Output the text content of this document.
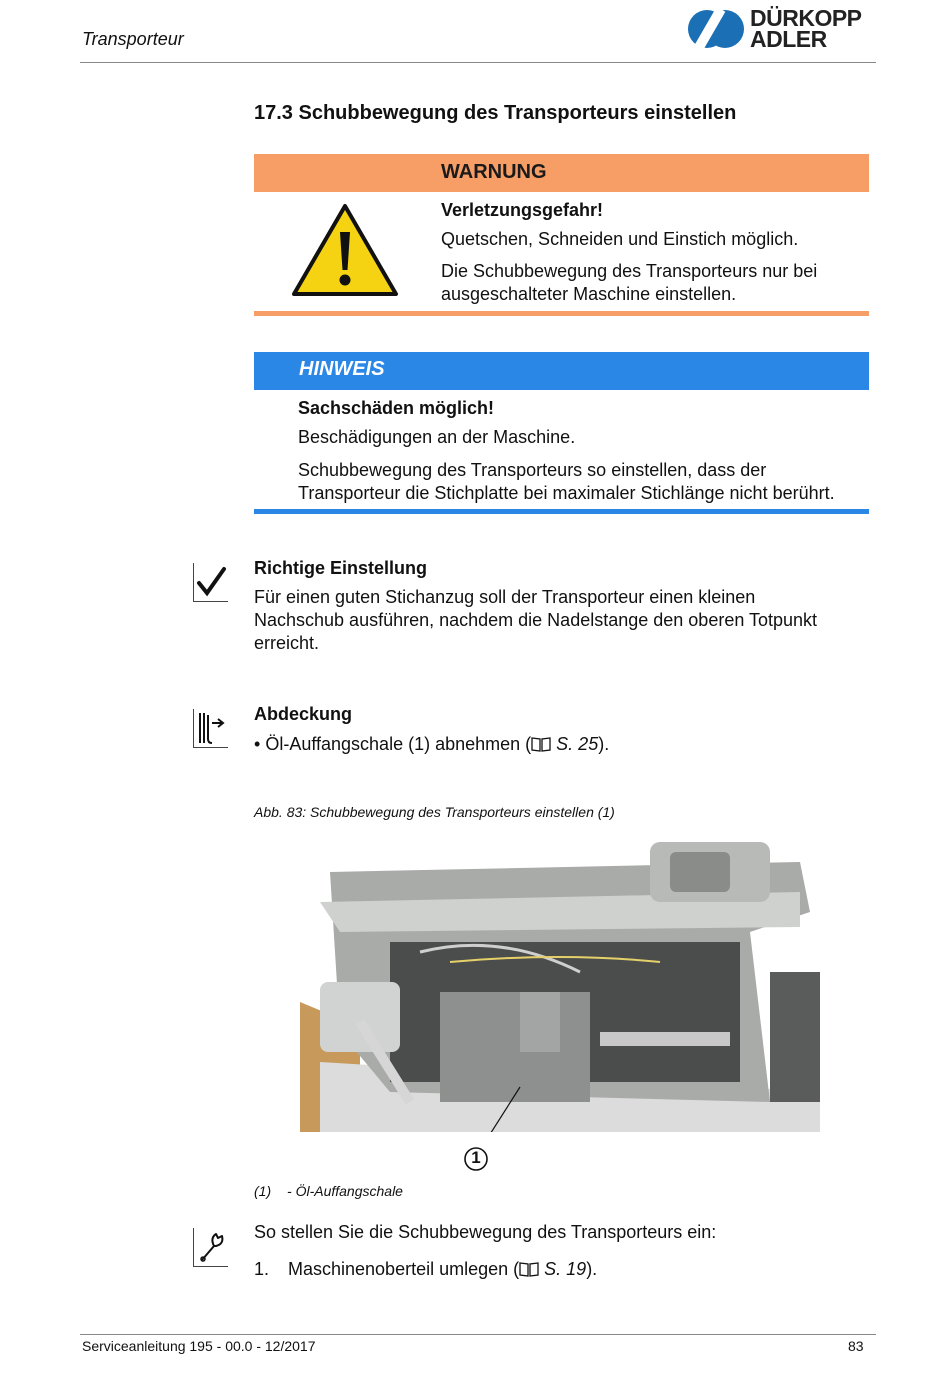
Transporteur
DÜRKOPP
ADLER
17.3 Schubbewegung des Transporteurs einstellen
WARNUNG
Verletzungsgefahr!
Quetschen, Schneiden und Einstich möglich.
Die Schubbewegung des Transporteurs nur bei
ausgeschalteter Maschine einstellen.
HINWEIS
Sachschäden möglich!
Beschädigungen an der Maschine.
Schubbewegung des Transporteurs so einstellen, dass der
Transporteur die Stichplatte bei maximaler Stichlänge nicht berührt.
Richtige Einstellung
Für einen guten Stichanzug soll der Transporteur einen kleinen
Nachschub ausführen, nachdem die Nadelstange den oberen Totpunkt
erreicht.
Abdeckung
• Öl-Auffangschale (1) abnehmen ( S. 25).
Abb. 83: Schubbewegung des Transporteurs einstellen (1)
1
(1) - Öl-Auffangschale
So stellen Sie die Schubbewegung des Transporteurs ein:
1. Maschinenoberteil umlegen ( S. 19).
Serviceanleitung 195 - 00.0 - 12/2017	83
